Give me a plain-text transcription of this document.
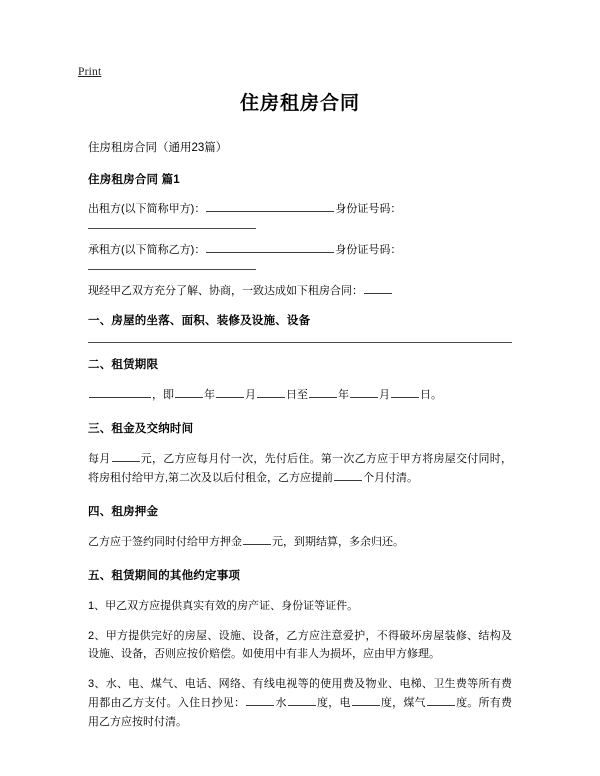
Print
住房租房合同

住房租房合同（通用23篇）

住房租房合同 篇1

出租方(以下简称甲方)：	身份证号码：

承租方(以下简称乙方)：	身份证号码：

现经甲乙双方充分了解、协商，一致达成如下租房合同：

一、房屋的坐落、面积、装修及设施、设备

二、租赁期限

，即	年	月	日至	年	月	日。

三、租金及交纳时间

每月	元，乙方应每月付一次，先付后住。第一次乙方应于甲方将房屋交付同时，将房租付给甲方,第二次及以后付租金，乙方应提前	个月付清。

四、租房押金

乙方应于签约同时付给甲方押金	元，到期结算，多余归还。

五、租赁期间的其他约定事项

1、甲乙双方应提供真实有效的房产证、身份证等证件。

2、甲方提供完好的房屋、设施、设备，乙方应注意爱护，不得破坏房屋装修、结构及设施、设备，否则应按价赔偿。如使用中有非人为损坏，应由甲方修理。

3、水、电、煤气、电话、网络、有线电视等的使用费及物业、电梯、卫生费等所有费用都由乙方支付。入住日抄见：	水	度，电	度，煤气	度。所有费用乙方应按时付清。
